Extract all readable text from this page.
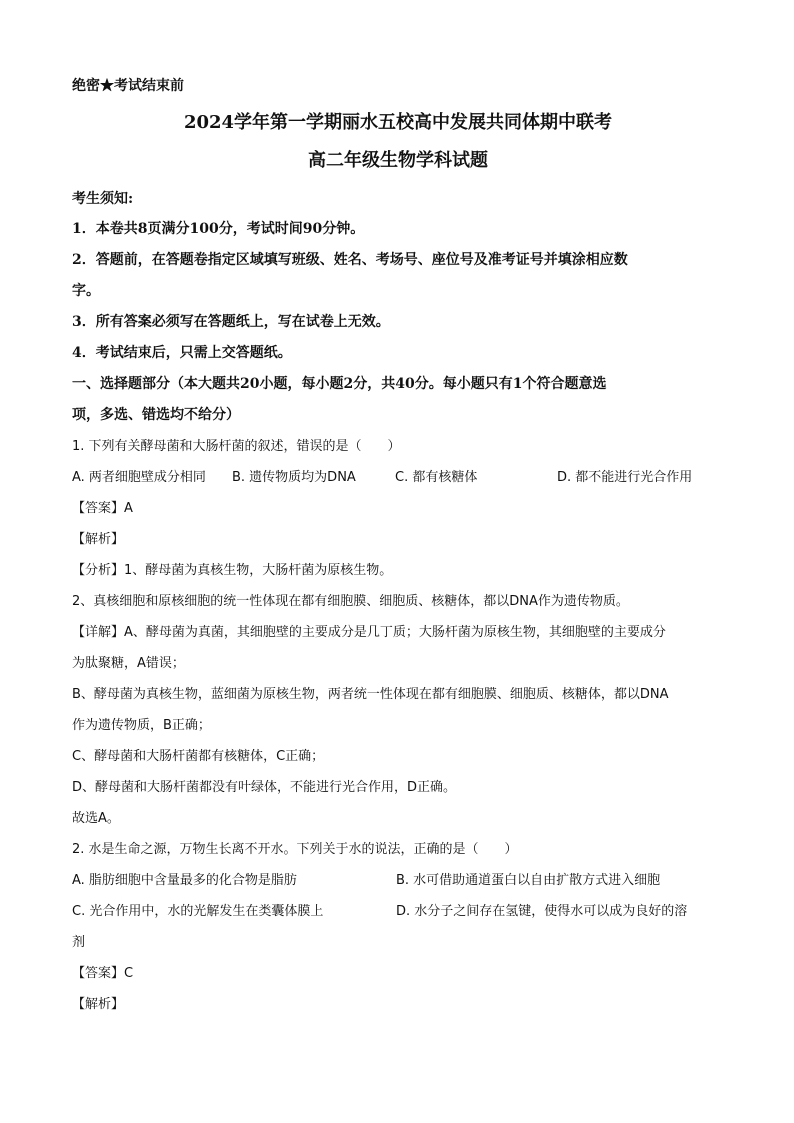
绝密★考试结束前

2024学年第一学期丽水五校高中发展共同体期中联考
高二年级生物学科试题

考生须知:

1．本卷共8页满分100分，考试时间90分钟。

2．答题前，在答题卷指定区域填写班级、姓名、考场号、座位号及准考证号并填涂相应数

字。

3．所有答案必须写在答题纸上，写在试卷上无效。

4．考试结束后，只需上交答题纸。

一、选择题部分（本大题共20小题，每小题2分，共40分。每小题只有1个符合题意选

项，多选、错选均不给分）

1. 下列有关酵母菌和大肠杆菌的叙述，错误的是（　　）

A. 两者细胞壁成分相同	B. 遗传物质均为DNA	C. 都有核糖体	D. 都不能进行光合作用

【答案】A

【解析】

【分析】1、酵母菌为真核生物，大肠杆菌为原核生物。

2、真核细胞和原核细胞的统一性体现在都有细胞膜、细胞质、核糖体，都以DNA作为遗传物质。

【详解】A、酵母菌为真菌，其细胞壁的主要成分是几丁质；大肠杆菌为原核生物，其细胞壁的主要成分

为肽聚糖，A错误；

B、酵母菌为真核生物，蓝细菌为原核生物，两者统一性体现在都有细胞膜、细胞质、核糖体，都以DNA

作为遗传物质，B正确；

C、酵母菌和大肠杆菌都有核糖体，C正确；

D、酵母菌和大肠杆菌都没有叶绿体，不能进行光合作用，D正确。

故选A。

2. 水是生命之源，万物生长离不开水。下列关于水的说法，正确的是（　　）

A. 脂肪细胞中含量最多的化合物是脂肪	B. 水可借助通道蛋白以自由扩散方式进入细胞
C. 光合作用中，水的光解发生在类囊体膜上	D. 水分子之间存在氢键，使得水可以成为良好的溶

剂

【答案】C

【解析】
